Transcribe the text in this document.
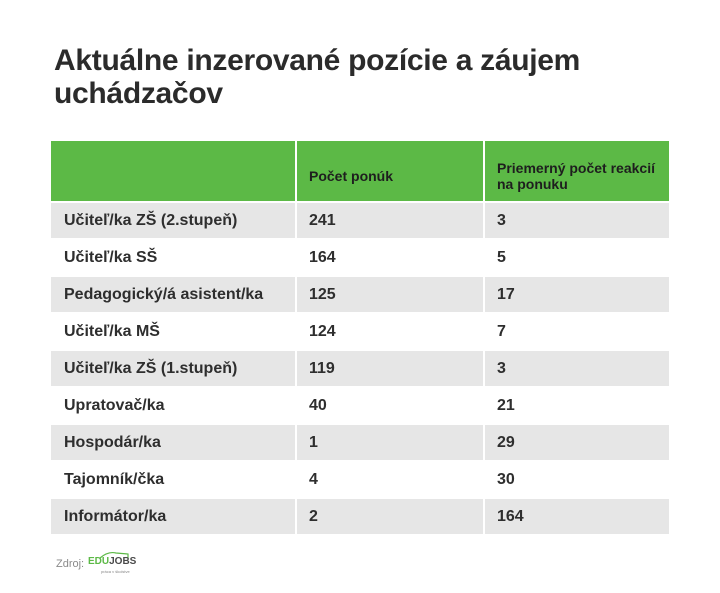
Aktuálne inzerované pozície a záujem uchádzačov
	Počet ponúk	Priemerný počet reakcií na ponuku
Učiteľ/ka ZŠ (2.stupeň)	241	3
Učiteľ/ka SŠ	164	5
Pedagogický/á asistent/ka	125	17
Učiteľ/ka MŠ	124	7
Učiteľ/ka ZŠ (1.stupeň)	119	3
Upratovač/ka	40	21
Hospodár/ka	1	29
Tajomník/čka	4	30
Informátor/ka	2	164
Zdroj: EDUJOBS
práca v školstve
